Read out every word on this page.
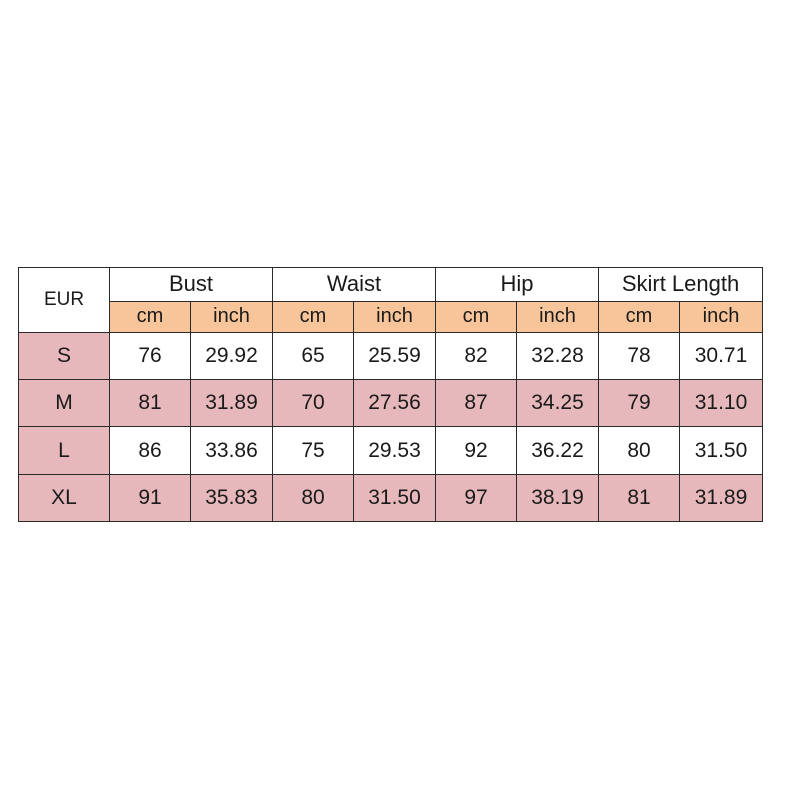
EUR	Bust		Waist		Hip		Skirt Length	
	cm	inch	cm	inch	cm	inch	cm	inch
S	76	29.92	65	25.59	82	32.28	78	30.71
M	81	31.89	70	27.56	87	34.25	79	31.10
L	86	33.86	75	29.53	92	36.22	80	31.50
XL	91	35.83	80	31.50	97	38.19	81	31.89
